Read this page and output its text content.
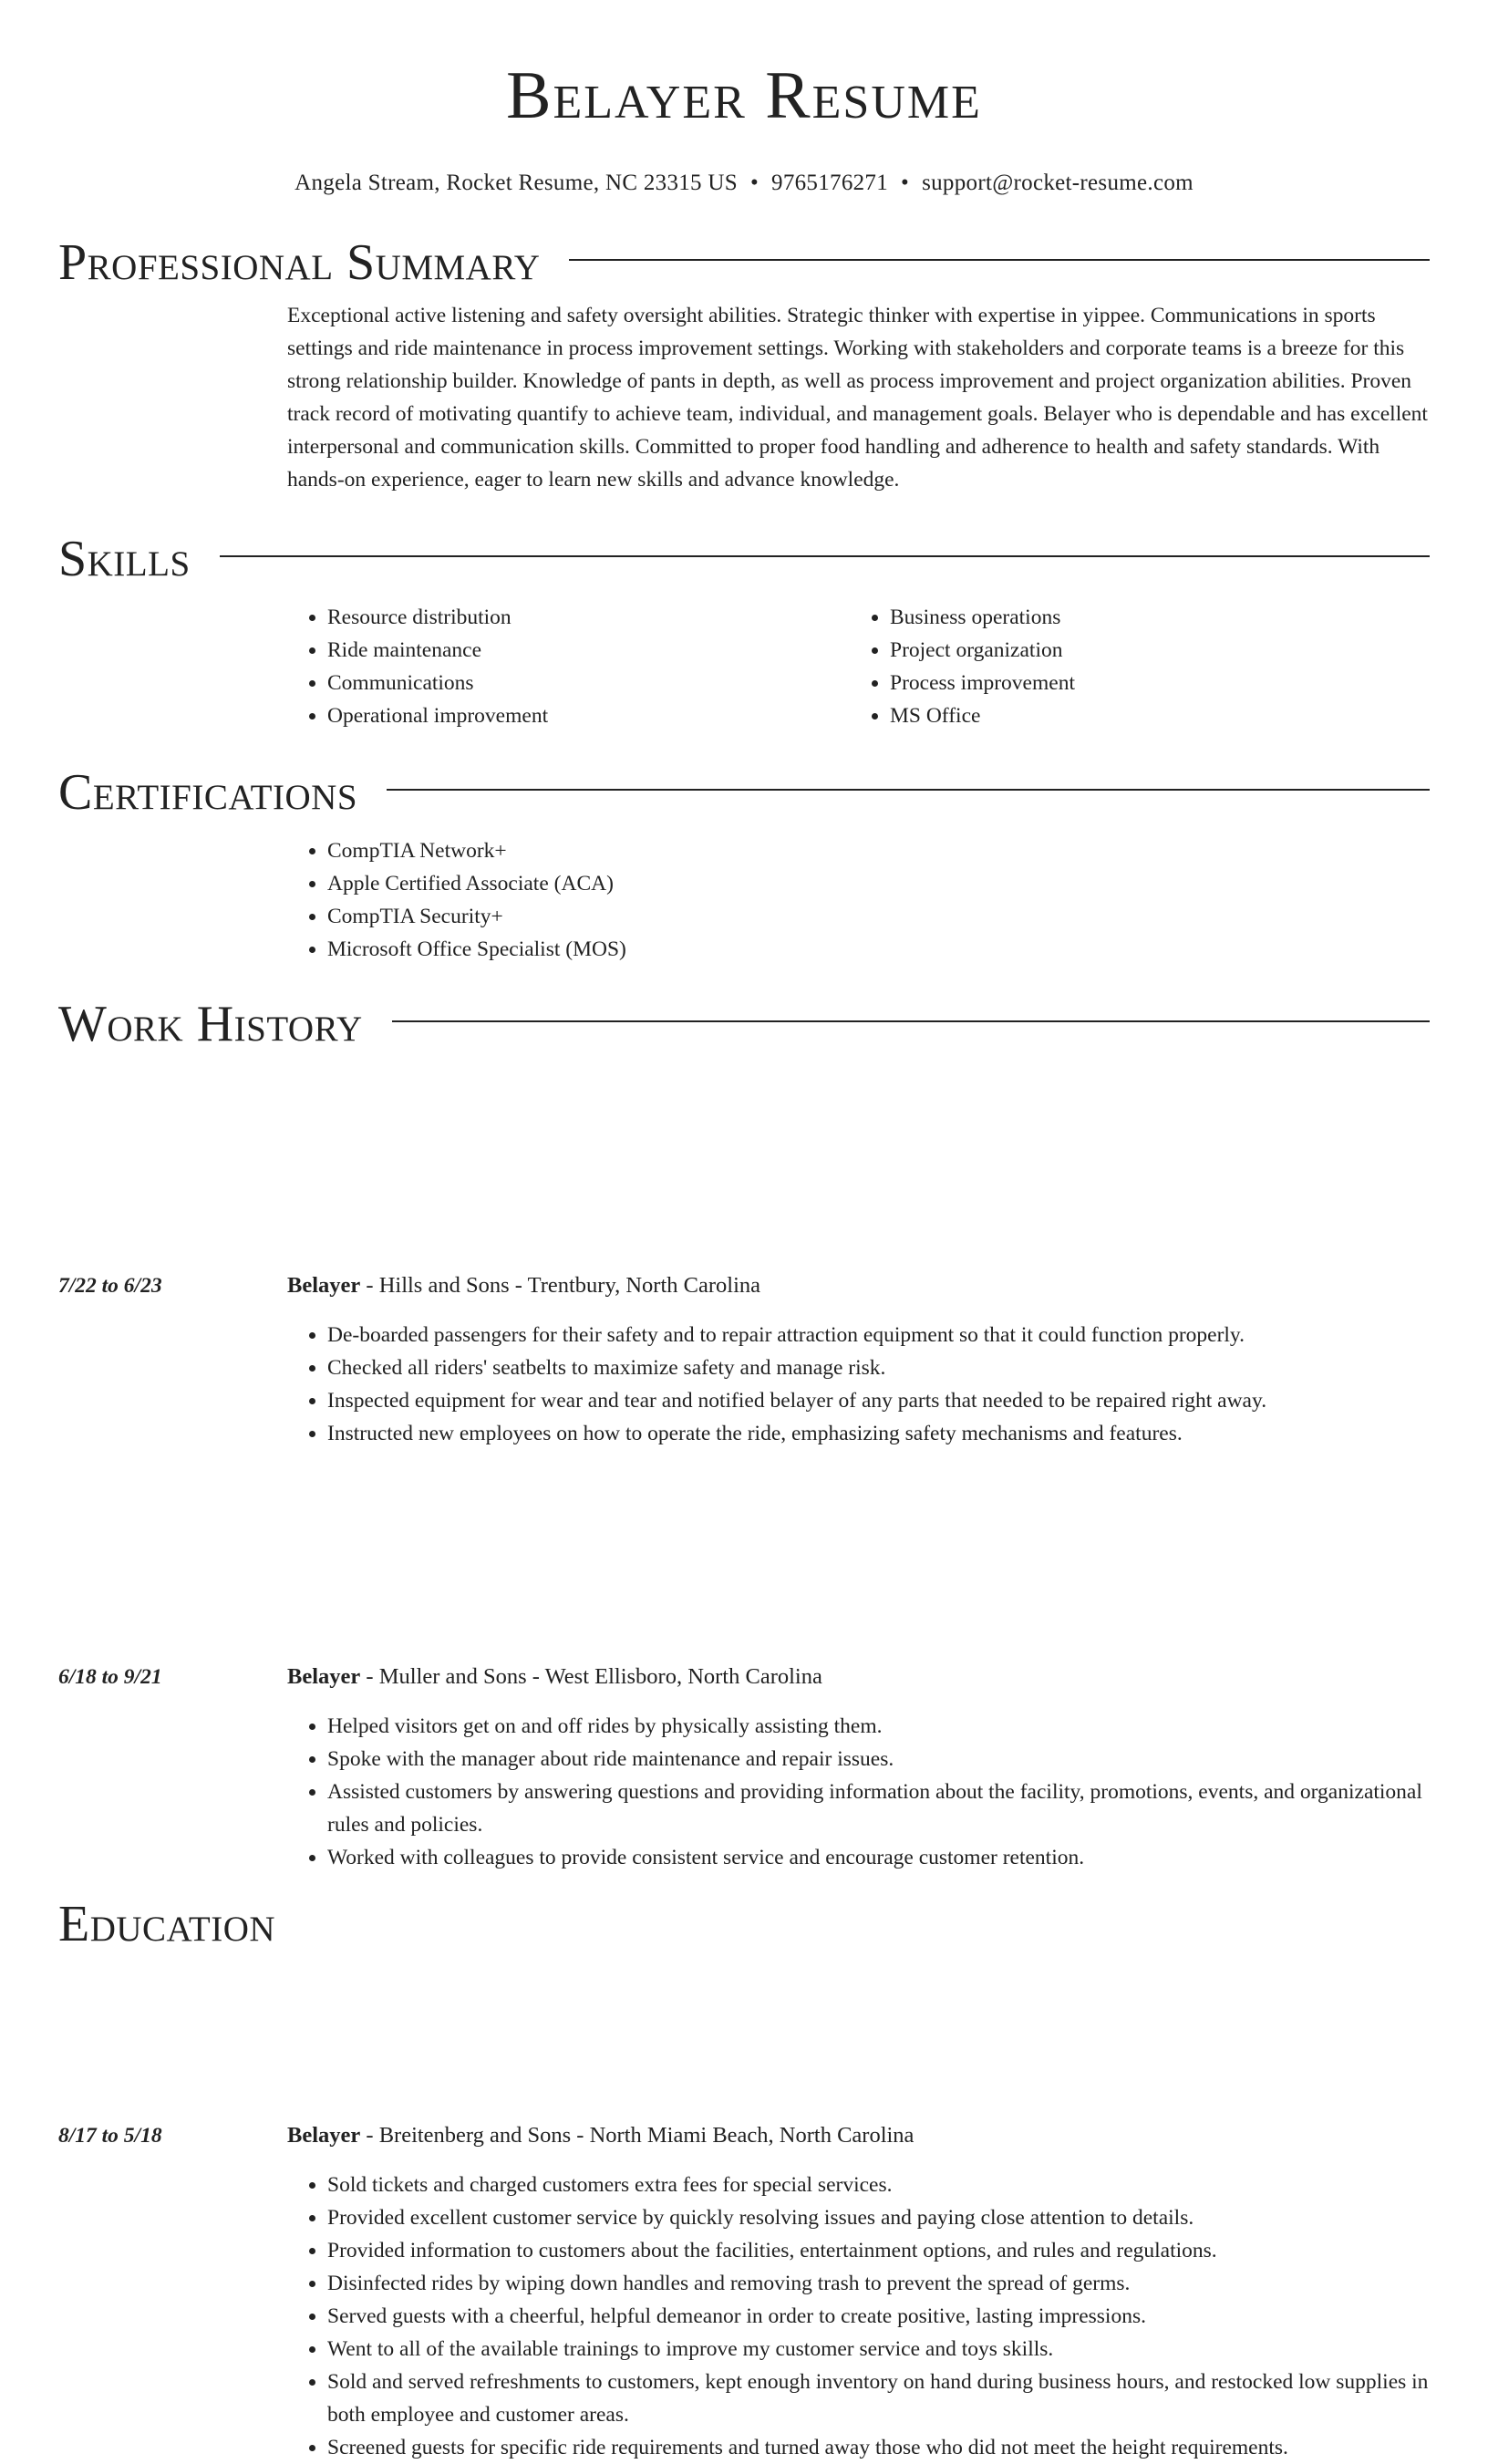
Belayer Resume
Angela Stream, Rocket Resume, NC 23315 US • 9765176271 • support@rocket-resume.com
Professional Summary

Exceptional active listening and safety oversight abilities. Strategic thinker with expertise in yippee. Communications in sports settings and ride maintenance in process improvement settings. Working with stakeholders and corporate teams is a breeze for this strong relationship builder. Knowledge of pants in depth, as well as process improvement and project organization abilities. Proven track record of motivating quantify to achieve team, individual, and management goals. Belayer who is dependable and has excellent interpersonal and communication skills. Committed to proper food handling and adherence to health and safety standards. With hands-on experience, eager to learn new skills and advance knowledge.

Skills
• Resource distribution
• Ride maintenance
• Communications
• Operational improvement
• Business operations
• Project organization
• Process improvement
• MS Office
Certifications
• CompTIA Network+
• Apple Certified Associate (ACA)
• CompTIA Security+
• Microsoft Office Specialist (MOS)
Work History
7/22 to 6/23	Belayer - Hills and Sons - Trentbury, North Carolina
• De-boarded passengers for their safety and to repair attraction equipment so that it could function properly.
• Checked all riders' seatbelts to maximize safety and manage risk.
• Inspected equipment for wear and tear and notified belayer of any parts that needed to be repaired right away.
• Instructed new employees on how to operate the ride, emphasizing safety mechanisms and features.
6/18 to 9/21	Belayer - Muller and Sons - West Ellisboro, North Carolina
• Helped visitors get on and off rides by physically assisting them.
• Spoke with the manager about ride maintenance and repair issues.
• Assisted customers by answering questions and providing information about the facility, promotions, events, and organizational rules and policies.
• Worked with colleagues to provide consistent service and encourage customer retention.
8/17 to 5/18	Belayer - Breitenberg and Sons - North Miami Beach, North Carolina
• Sold tickets and charged customers extra fees for special services.
• Provided excellent customer service by quickly resolving issues and paying close attention to details.
• Provided information to customers about the facilities, entertainment options, and rules and regulations.
• Disinfected rides by wiping down handles and removing trash to prevent the spread of germs.
• Served guests with a cheerful, helpful demeanor in order to create positive, lasting impressions.
• Went to all of the available trainings to improve my customer service and toys skills.
• Sold and served refreshments to customers, kept enough inventory on hand during business hours, and restocked low supplies in both employee and customer areas.
• Screened guests for specific ride requirements and turned away those who did not meet the height requirements.
Education
